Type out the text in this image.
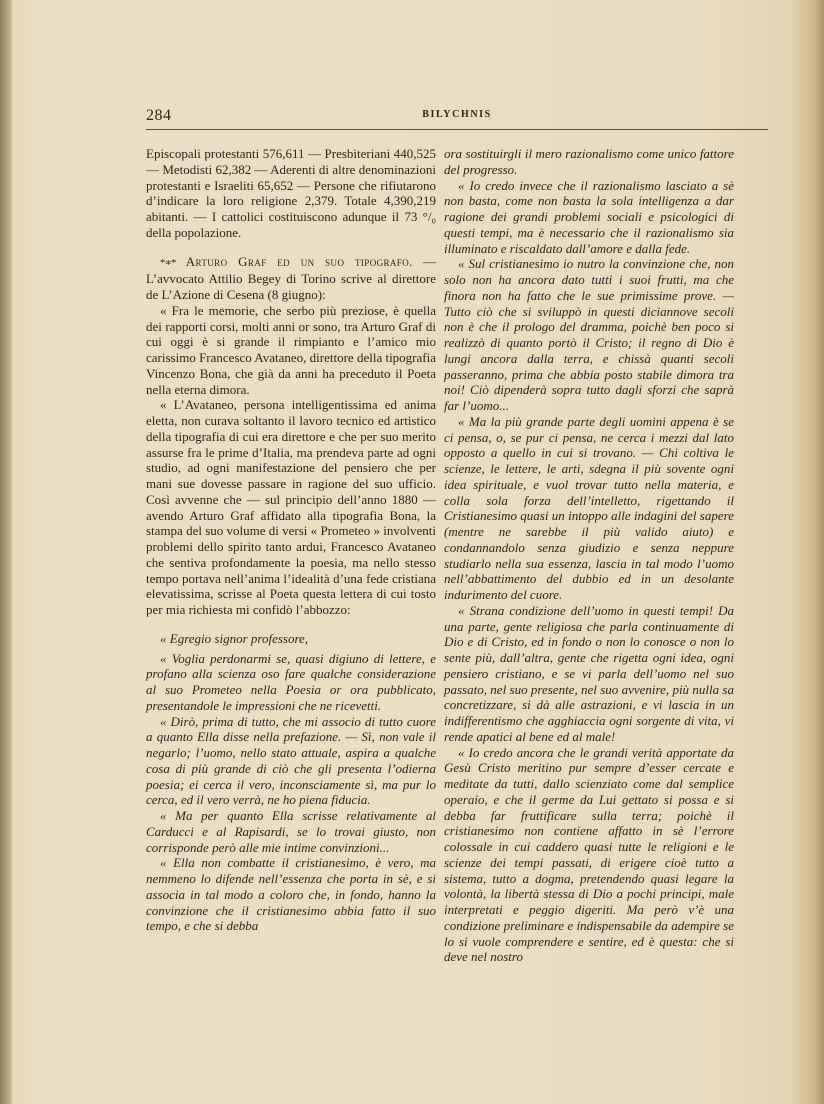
284	BILYCHNIS

Episcopali protestanti 576,611 — Presbiteriani 440,525 — Metodisti 62,382 — Aderenti di altre denominazioni protestanti e Israeliti 65,652 — Persone che rifiutarono d’indicare la loro religione 2,379. Totale 4,390,219 abitanti. — I cattolici costituiscono adunque il 73 °/₀ della popolazione.

*∗* Arturo Graf ed un suo tipografo. — L’avvocato Attilio Begey di Torino scrive al direttore de L’Azione di Cesena (8 giugno):

« Fra le memorie, che serbo più preziose, è quella dei rapporti corsi, molti anni or sono, tra Arturo Graf di cui oggi è si grande il rimpianto e l’amico mio carissimo Francesco Avataneo, direttore della tipografia Vincenzo Bona, che già da anni ha preceduto il Poeta nella eterna dimora.

« L’Avataneo, persona intelligentissima ed anima eletta, non curava soltanto il lavoro tecnico ed artistico della tipografia di cui era direttore e che per suo merito assurse fra le prime d’Italia, ma prendeva parte ad ogni studio, ad ogni manifestazione del pensiero che per mani sue dovesse passare in ragione del suo ufficio. Così avvenne che — sul principio dell’anno 1880 — avendo Arturo Graf affidato alla tipografia Bona, la stampa del suo volume di versi « Prometeo » involventi problemi dello spirito tanto ardui, Francesco Avataneo che sentiva profondamente la poesia, ma nello stesso tempo portava nell’anima l’idealità d’una fede cristiana elevatissima, scrisse al Poeta questa lettera di cui tosto per mia richiesta mi confidò l’abbozzo:

« Egregio signor professore,

« Voglia perdonarmi se, quasi digiuno di lettere, e profano alla scienza oso fare qualche considerazione al suo Prometeo nella Poesia or ora pubblicato, presentandole le impressioni che ne ricevetti.

« Dirò, prima di tutto, che mi associo di tutto cuore a quanto Ella disse nella prefazione. — Sì, non vale il negarlo; l’uomo, nello stato attuale, aspira a qualche cosa di più grande di ciò che gli presenta l’odierna poesia; ei cerca il vero, inconsciamente sì, ma pur lo cerca, ed il vero verrà, ne ho piena fiducia.

« Ma per quanto Ella scrisse relativamente al Carducci e al Rapisardi, se lo trovai giusto, non corrisponde però alle mie intime convinzioni...

« Ella non combatte il cristianesimo, è vero, ma nemmeno lo difende nell’essenza che porta in sè, e si associa in tal modo a coloro che, in fondo, hanno la convinzione che il cristianesimo abbia fatto il suo tempo, e che si debba

ora sostituirgli il mero razionalismo come unico fattore del progresso.

« Io credo invece che il razionalismo lasciato a sè non basta, come non basta la sola intelligenza a dar ragione dei grandi problemi sociali e psicologici di questi tempi, ma è necessario che il razionalismo sia illuminato e riscaldato dall’amore e dalla fede.

« Sul cristianesimo io nutro la convinzione che, non solo non ha ancora dato tutti i suoi frutti, ma che finora non ha fatto che le sue primissime prove. — Tutto ciò che si sviluppò in questi diciannove secoli non è che il prologo del dramma, poichè ben poco si realizzò di quanto portò il Cristo; il regno di Dio è lungi ancora dalla terra, e chissà quanti secoli passeranno, prima che abbia posto stabile dimora tra noi! Ciò dipenderà sopra tutto dagli sforzi che saprà far l’uomo...

« Ma la più grande parte degli uomini appena è se ci pensa, o, se pur ci pensa, ne cerca i mezzi dal lato opposto a quello in cui si trovano. — Chi coltiva le scienze, le lettere, le arti, sdegna il più sovente ogni idea spirituale, e vuol trovar tutto nella materia, e colla sola forza dell’intelletto, rigettando il Cristianesimo quasi un intoppo alle indagini del sapere (mentre ne sarebbe il più valido aiuto) e condannandolo senza giudizio e senza neppure studiarlo nella sua essenza, lascia in tal modo l’uomo nell’abbattimento del dubbio ed in un desolante indurimento del cuore.

« Strana condizione dell’uomo in questi tempi! Da una parte, gente religiosa che parla continuamente di Dio e di Cristo, ed in fondo o non lo conosce o non lo sente più, dall’altra, gente che rigetta ogni idea, ogni pensiero cristiano, e se vi parla dell’uomo nel suo passato, nel suo presente, nel suo avvenire, più nulla sa concretizzare, si dà alle astrazioni, e vi lascia in un indifferentismo che agghiaccia ogni sorgente di vita, vi rende apatici al bene ed al male!

« Io credo ancora che le grandi verità apportate da Gesù Cristo meritino pur sempre d’esser cercate e meditate da tutti, dallo scienziato come dal semplice operaio, e che il germe da Lui gettato si possa e si debba far fruttificare sulla terra; poichè il cristianesimo non contiene affatto in sè l’errore colossale in cui caddero quasi tutte le religioni e le scienze dei tempi passati, di erigere cioè tutto a sistema, tutto a dogma, pretendendo quasi legare la volontà, la libertà stessa di Dio a pochi principi, male interpretati e peggio digeriti. Ma però v’è una condizione preliminare e indispensabile da adempire se lo si vuole comprendere e sentire, ed è questa: che si deve nel nostro
